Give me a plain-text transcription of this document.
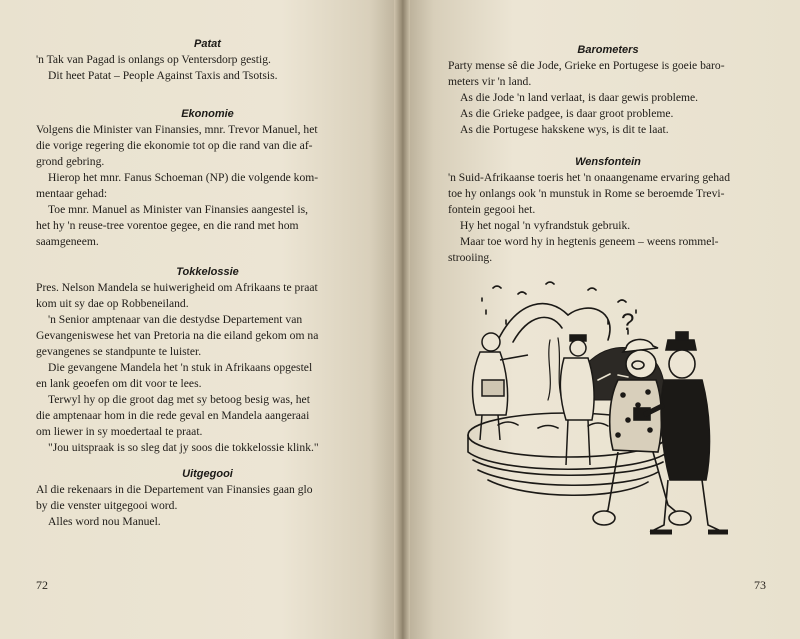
Patat
'n Tak van Pagad is onlangs op Ventersdorp gestig.
Dit heet Patat – People Against Taxis and Tsotsis.
Ekonomie
Volgens die Minister van Finansies, mnr. Trevor Manuel, het
die vorige regering die ekonomie tot op die rand van die af-
grond gebring.
Hierop het mnr. Fanus Schoeman (NP) die volgende kom-
mentaar gehad:
Toe mnr. Manuel as Minister van Finansies aangestel is,
het hy 'n reuse-tree vorentoe gegee, en die rand met hom
saamgeneem.
Tokkelossie
Pres. Nelson Mandela se huiwerigheid om Afrikaans te praat
kom uit sy dae op Robbeneiland.
'n Senior amptenaar van die destydse Departement van
Gevangeniswese het van Pretoria na die eiland gekom om na
gevangenes se standpunte te luister.
Die gevangene Mandela het 'n stuk in Afrikaans opgestel
en lank geoefen om dit voor te lees.
Terwyl hy op die groot dag met sy betoog besig was, het
die amptenaar hom in die rede geval en Mandela aangeraai
om liewer in sy moedertaal te praat.
"Jou uitspraak is so sleg dat jy soos die tokkelossie klink."
Uitgegooi
Al die rekenaars in die Departement van Finansies gaan glo
by die venster uitgegooi word.
Alles word nou Manuel.
72
Barometers
Party mense sê die Jode, Grieke en Portugese is goeie baro-
meters vir 'n land.
As die Jode 'n land verlaat, is daar gewis probleme.
As die Grieke padgee, is daar groot probleme.
As die Portugese hakskene wys, is dit te laat.
Wensfontein
'n Suid-Afrikaanse toeris het 'n onaangename ervaring gehad
toe hy onlangs ook 'n munstuk in Rome se beroemde Trevi-
fontein gegooi het.
Hy het nogal 'n vyfrandstuk gebruik.
Maar toe word hy in hegtenis geneem – weens rommel-
strooiing.
73
?
